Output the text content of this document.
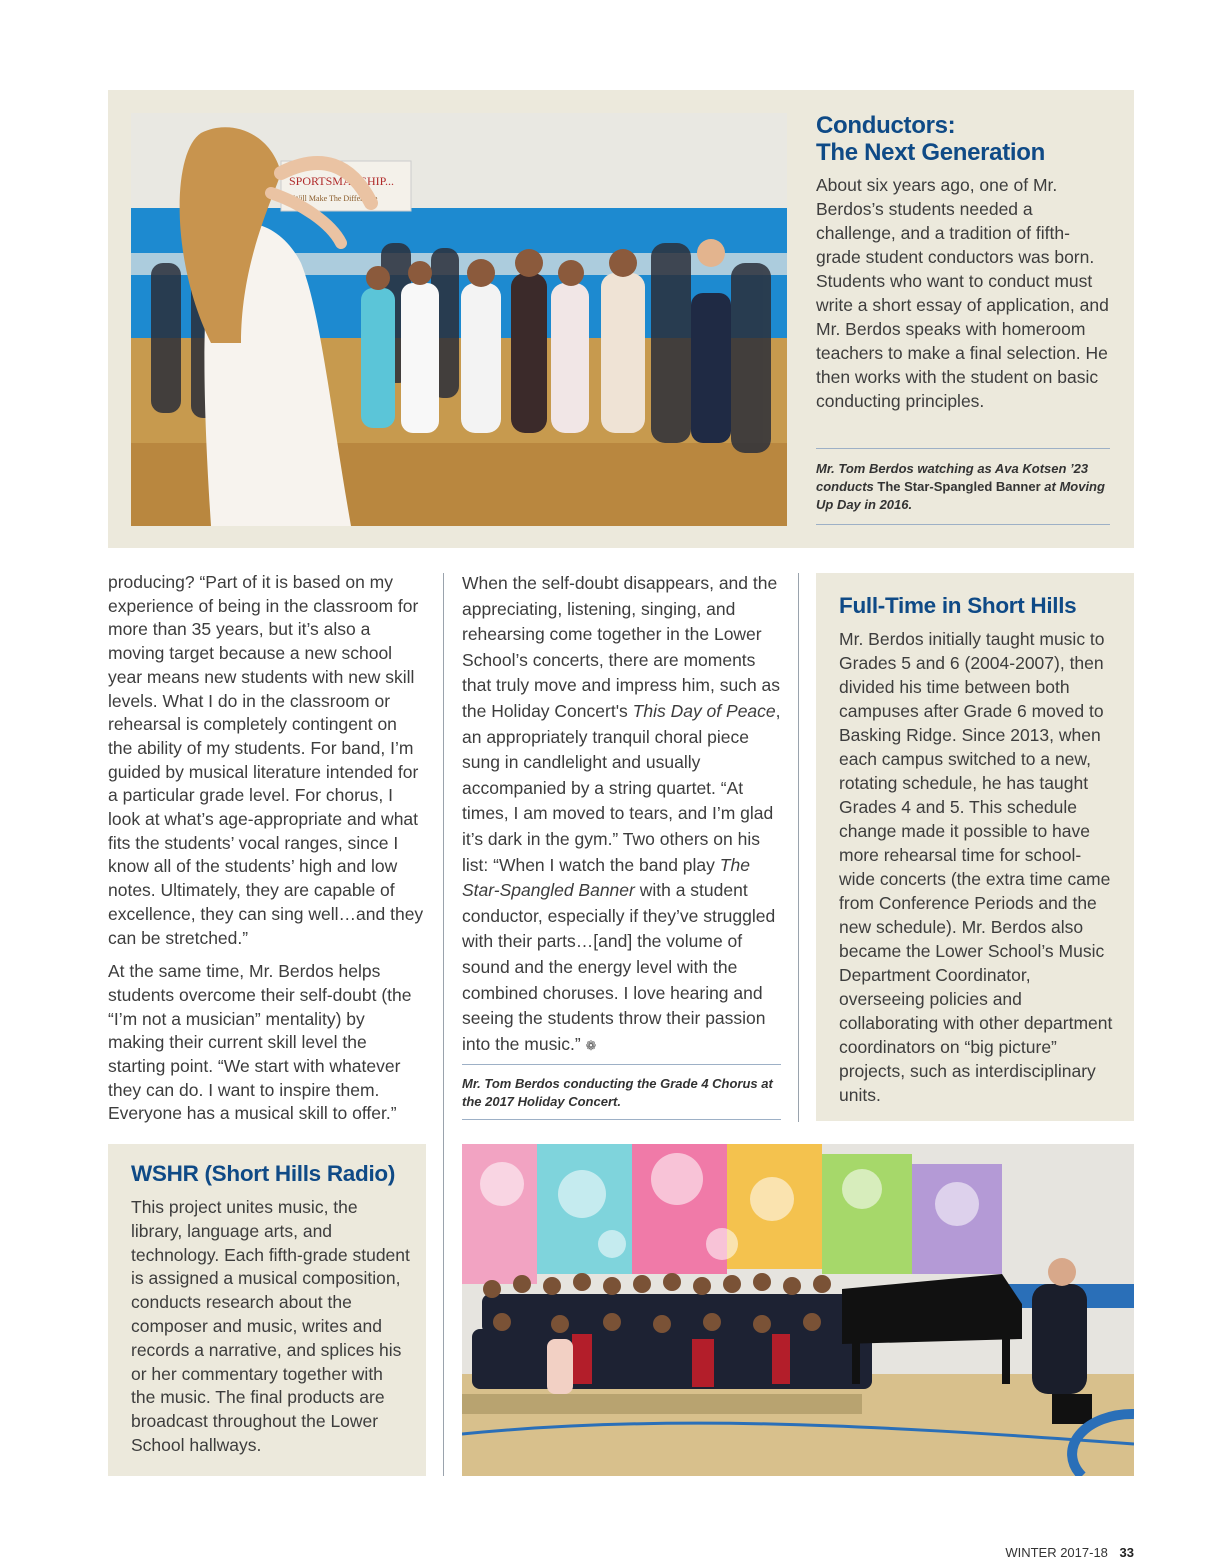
SPORTSMANSHIP...
Will Make The Difference
Conductors:
The Next Generation
About six years ago, one of Mr. Berdos’s students needed a challenge, and a tradition of fifth-grade student conductors was born. Students who want to conduct must write a short essay of application, and Mr. Berdos speaks with homeroom teachers to make a final selection. He then works with the student on basic conducting principles.
Mr. Tom Berdos watching as Ava Kotsen ’23 conducts The Star-Spangled Banner at Moving Up Day in 2016.

producing? “Part of it is based on my experience of being in the classroom for more than 35 years, but it’s also a moving target because a new school year means new students with new skill levels. What I do in the classroom or rehearsal is completely contingent on the ability of my students. For band, I’m guided by musical literature intended for a particular grade level. For chorus, I look at what’s age-appropriate and what fits the students’ vocal ranges, since I know all of the students’ high and low notes. Ultimately, they are capable of excellence, they can sing well…and they can be stretched.”

At the same time, Mr. Berdos helps students overcome their self-doubt (the “I’m not a musician” mentality) by making their current skill level the starting point. “We start with whatever they can do. I want to inspire them. Everyone has a musical skill to offer.”

When the self-doubt disappears, and the appreciating, listening, singing, and rehearsing come together in the Lower School’s concerts, there are moments that truly move and impress him, such as the Holiday Concert's This Day of Peace, an appropriately tranquil choral piece sung in candlelight and usually accompanied by a string quartet. “At times, I am moved to tears, and I’m glad it’s dark in the gym.” Two others on his list: “When I watch the band play The Star-Spangled Banner with a student conductor, especially if they’ve struggled with their parts…[and] the volume of sound and the energy level with the combined choruses. I love hearing and seeing the students throw their passion into the music.” ❁
Mr. Tom Berdos conducting the Grade 4 Chorus at the 2017 Holiday Concert.
Full-Time in Short Hills
Mr. Berdos initially taught music to Grades 5 and 6 (2004-2007), then divided his time between both campuses after Grade 6 moved to Basking Ridge. Since 2013, when each campus switched to a new, rotating schedule, he has taught Grades 4 and 5. This schedule change made it possible to have more rehearsal time for school-wide concerts (the extra time came from Conference Periods and the new schedule). Mr. Berdos also became the Lower School’s Music Department Coordinator, overseeing policies and collaborating with other department coordinators on “big picture” projects, such as interdisciplinary units.
WSHR (Short Hills Radio)
This project unites music, the library, language arts, and technology. Each fifth-grade student is assigned a musical composition, conducts research about the composer and music, writes and records a narrative, and splices his or her commentary together with the music. The final products are broadcast throughout the Lower School hallways.
WINTER 2017-18 33
